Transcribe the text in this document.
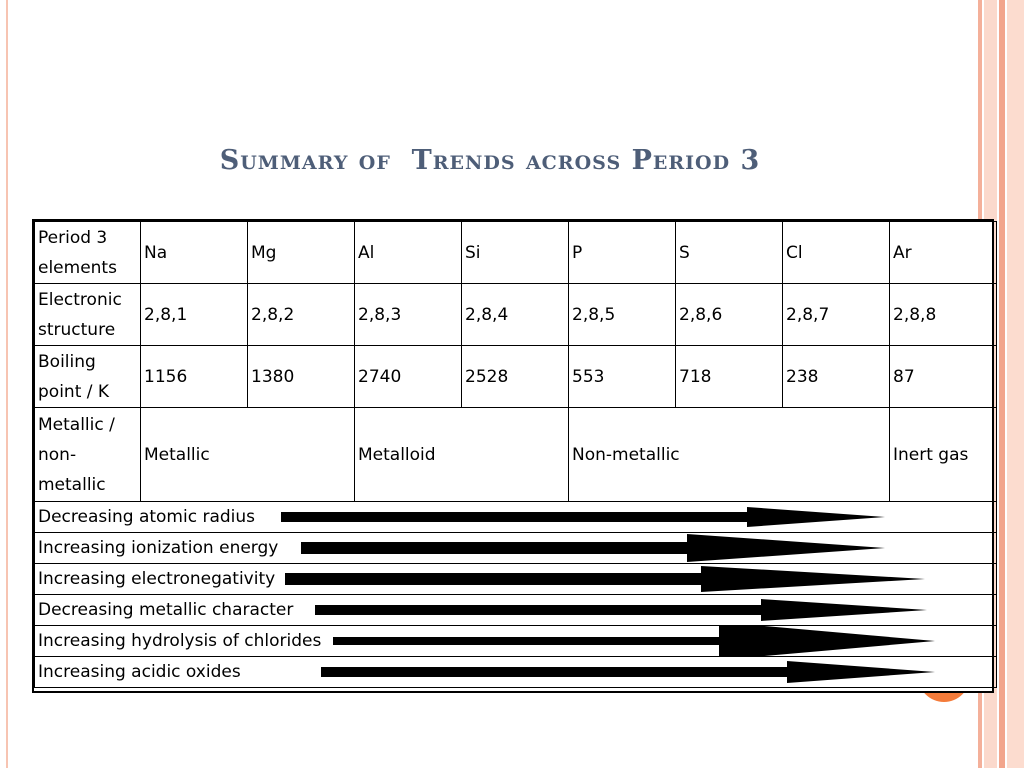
Summary of  Trends across Period 3
Period 3 elements	Na	Mg	Al	Si	P	S	Cl	Ar
Electronic structure	2,8,1	2,8,2	2,8,3	2,8,4	2,8,5	2,8,6	2,8,7	2,8,8
Boiling point / K	1156	1380	2740	2528	553	718	238	87
Metallic / non-metallic	Metallic		Metalloid		Non-metallic			Inert gas

Decreasing atomic radius								

Increasing ionization energy								

Increasing electronegativity								

Decreasing metallic character								

Increasing hydrolysis of chlorides								

Increasing acidic oxides								
